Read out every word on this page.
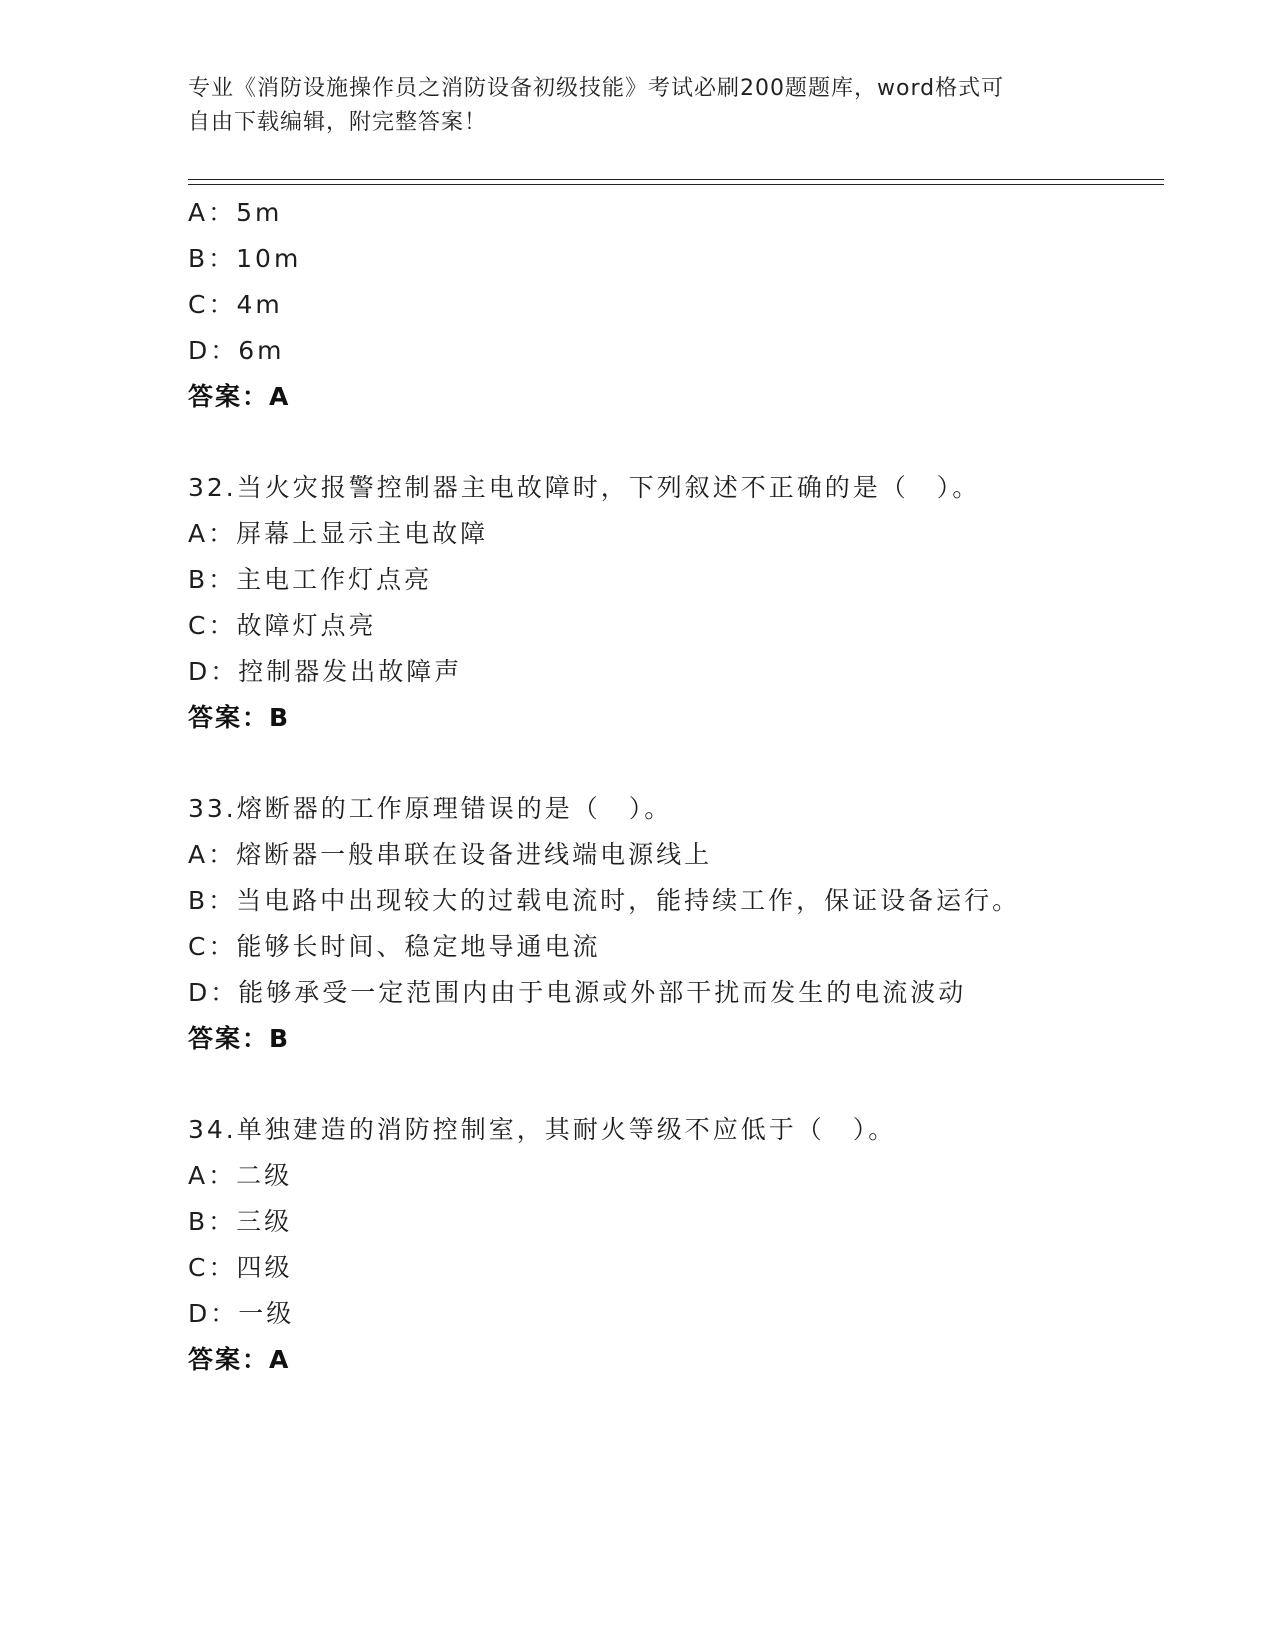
专业《消防设施操作员之消防设备初级技能》考试必刷200题题库，word格式可
自由下载编辑，附完整答案！
A：5m
B：10m
C：4m
D：6m
答案：A
32.当火灾报警控制器主电故障时，下列叙述不正确的是（　）。
A：屏幕上显示主电故障
B：主电工作灯点亮
C：故障灯点亮
D：控制器发出故障声
答案：B
33.熔断器的工作原理错误的是（　）。
A：熔断器一般串联在设备进线端电源线上
B：当电路中出现较大的过载电流时，能持续工作，保证设备运行。
C：能够长时间、稳定地导通电流
D：能够承受一定范围内由于电源或外部干扰而发生的电流波动
答案：B
34.单独建造的消防控制室，其耐火等级不应低于（　）。
A：二级
B：三级
C：四级
D：一级
答案：A
